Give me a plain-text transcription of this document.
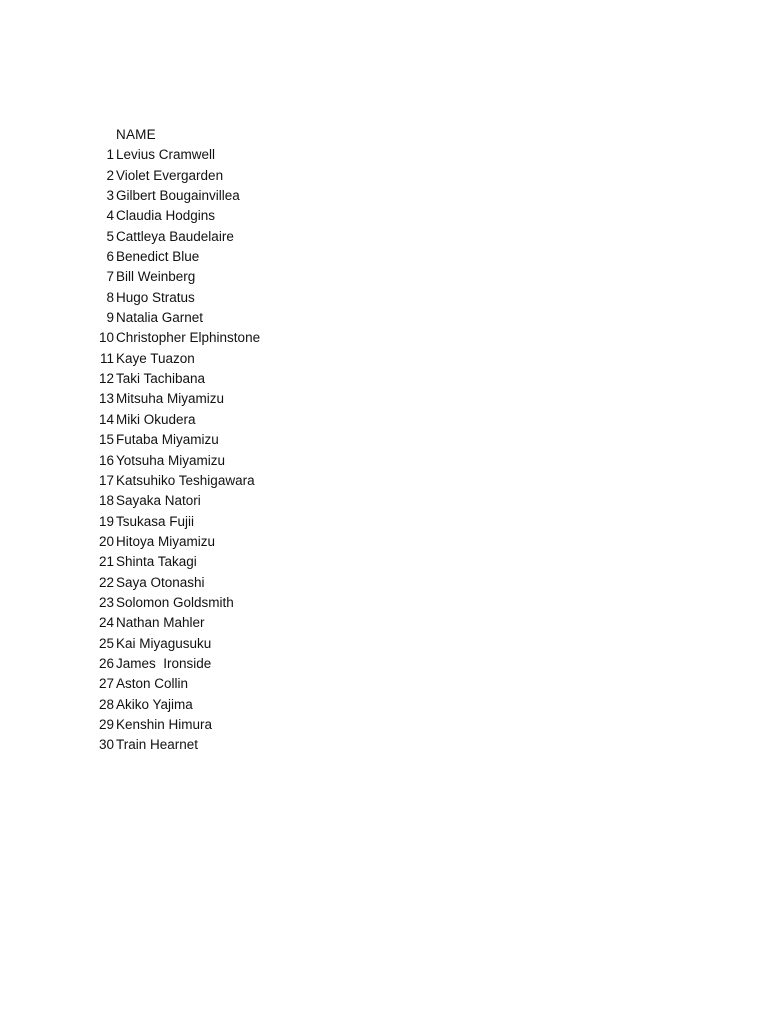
	NAME
1	Levius Cramwell
2	Violet Evergarden
3	Gilbert Bougainvillea
4	Claudia Hodgins
5	Cattleya Baudelaire
6	Benedict Blue
7	Bill Weinberg
8	Hugo Stratus
9	Natalia Garnet
10	Christopher Elphinstone
11	Kaye Tuazon
12	Taki Tachibana
13	Mitsuha Miyamizu
14	Miki Okudera
15	Futaba Miyamizu
16	Yotsuha Miyamizu
17	Katsuhiko Teshigawara
18	Sayaka Natori
19	Tsukasa Fujii
20	Hitoya Miyamizu
21	Shinta Takagi
22	Saya Otonashi
23	Solomon Goldsmith
24	Nathan Mahler
25	Kai Miyagusuku
26	James  Ironside
27	Aston Collin
28	Akiko Yajima
29	Kenshin Himura
30	Train Hearnet
